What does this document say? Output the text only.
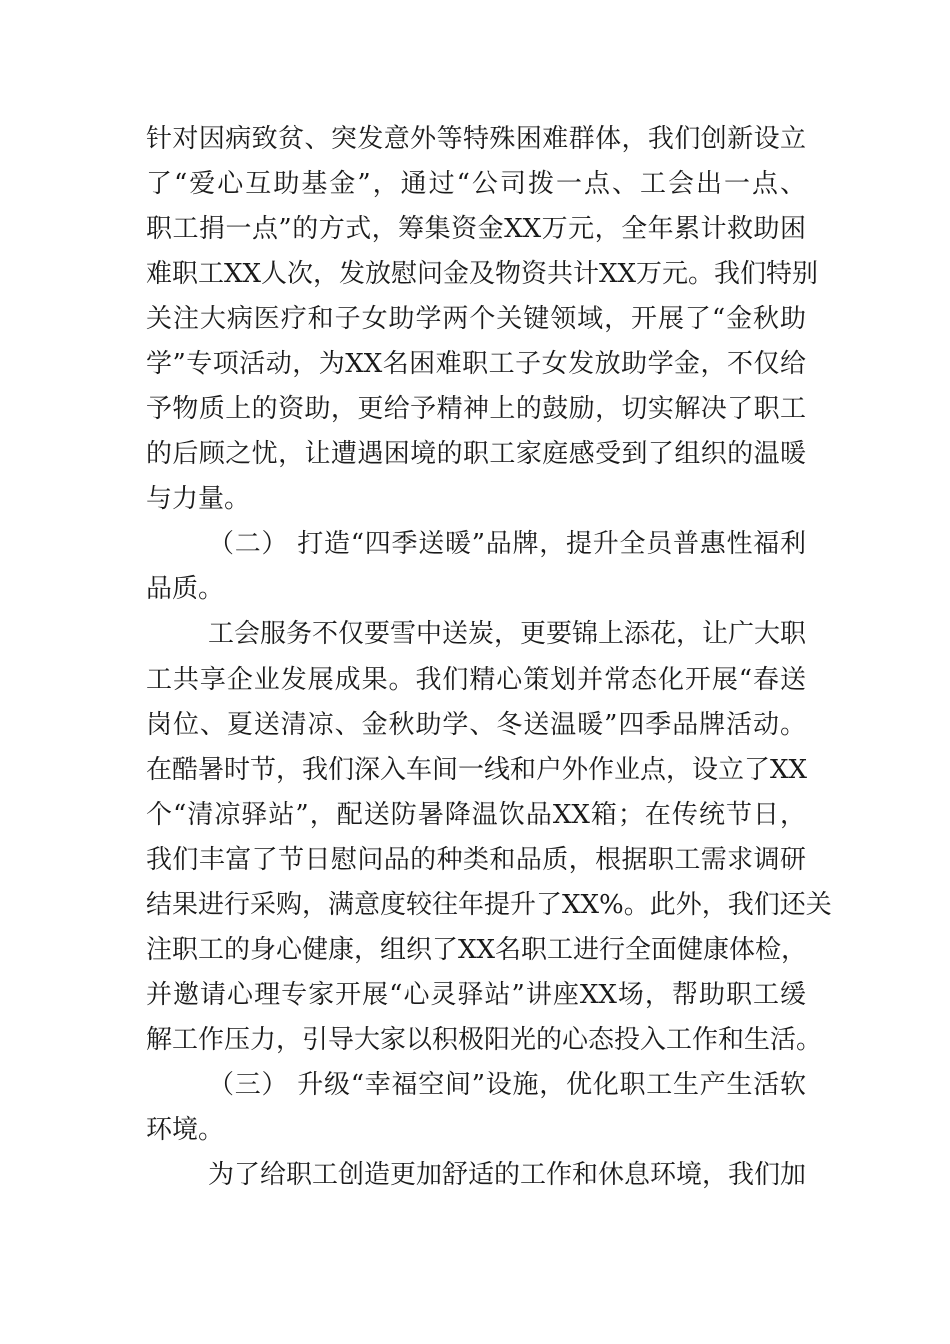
针对因病致贫、突发意外等特殊困难群体，我们创新设立
了“爱心互助基金”，通过“公司拨一点、工会出一点、
职工捐一点”的方式，筹集资金XX万元，全年累计救助困
难职工XX人次，发放慰问金及物资共计XX万元。我们特别
关注大病医疗和子女助学两个关键领域，开展了“金秋助
学”专项活动，为XX名困难职工子女发放助学金，不仅给
予物质上的资助，更给予精神上的鼓励，切实解决了职工
的后顾之忧，让遭遇困境的职工家庭感受到了组织的温暖
与力量。
（二） 打造“四季送暖”品牌，提升全员普惠性福利
品质。
工会服务不仅要雪中送炭，更要锦上添花，让广大职
工共享企业发展成果。我们精心策划并常态化开展“春送
岗位、夏送清凉、金秋助学、冬送温暖”四季品牌活动。
在酷暑时节，我们深入车间一线和户外作业点，设立了XX
个“清凉驿站”，配送防暑降温饮品XX箱；在传统节日，
我们丰富了节日慰问品的种类和品质，根据职工需求调研
结果进行采购，满意度较往年提升了XX%。此外，我们还关
注职工的身心健康，组织了XX名职工进行全面健康体检，
并邀请心理专家开展“心灵驿站”讲座XX场，帮助职工缓
解工作压力，引导大家以积极阳光的心态投入工作和生活。
（三） 升级“幸福空间”设施，优化职工生产生活软
环境。
为了给职工创造更加舒适的工作和休息环境，我们加
